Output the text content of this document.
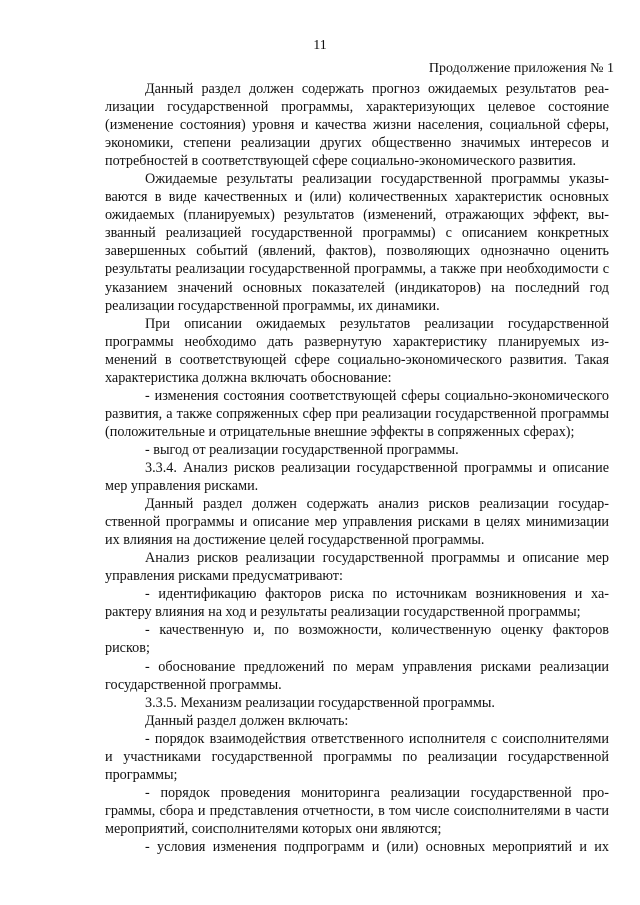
11
Продолжение приложения № 1

Данный раздел должен содержать прогноз ожидаемых результатов реализации государственной программы, характеризующих целевое состояние (изменение состояния) уровня и качества жизни населения, социальной сферы, экономики, степени реализации других общественно значимых интересов и потребностей в соответствующей сфере социально-экономического развития.

Ожидаемые результаты реализации государственной программы указываются в виде качественных и (или) количественных характеристик основных ожидаемых (планируемых) результатов (изменений, отражающих эффект, вызванный реализацией государственной программы) с описанием конкретных завершенных событий (явлений, фактов), позволяющих однозначно оценить результаты реализации государственной программы, а также при необходимости с указанием значений основных показателей (индикаторов) на последний год реализации государственной программы, их динамики.

При описании ожидаемых результатов реализации государственной программы необходимо дать развернутую характеристику планируемых изменений в соответствующей сфере социально-экономического развития. Такая характеристика должна включать обоснование:

- изменения состояния соответствующей сферы социально-экономического развития, а также сопряженных сфер при реализации государственной программы (положительные и отрицательные внешние эффекты в сопряженных сферах);

- выгод от реализации государственной программы.

3.3.4. Анализ рисков реализации государственной программы и описание мер управления рисками.

Данный раздел должен содержать анализ рисков реализации государственной программы и описание мер управления рисками в целях минимизации их влияния на достижение целей государственной программы.

Анализ рисков реализации государственной программы и описание мер управления рисками предусматривают:

- идентификацию факторов риска по источникам возникновения и характеру влияния на ход и результаты реализации государственной программы;

- качественную и, по возможности, количественную оценку факторов рисков;

- обоснование предложений по мерам управления рисками реализации государственной программы.

3.3.5. Механизм реализации государственной программы.

Данный раздел должен включать:

- порядок взаимодействия ответственного исполнителя с соисполнителями и участниками государственной программы по реализации государственной программы;

- порядок проведения мониторинга реализации государственной программы, сбора и представления отчетности, в том числе соисполнителями в части мероприятий, соисполнителями которых они являются;

- условия изменения подпрограмм и (или) основных мероприятий и их
